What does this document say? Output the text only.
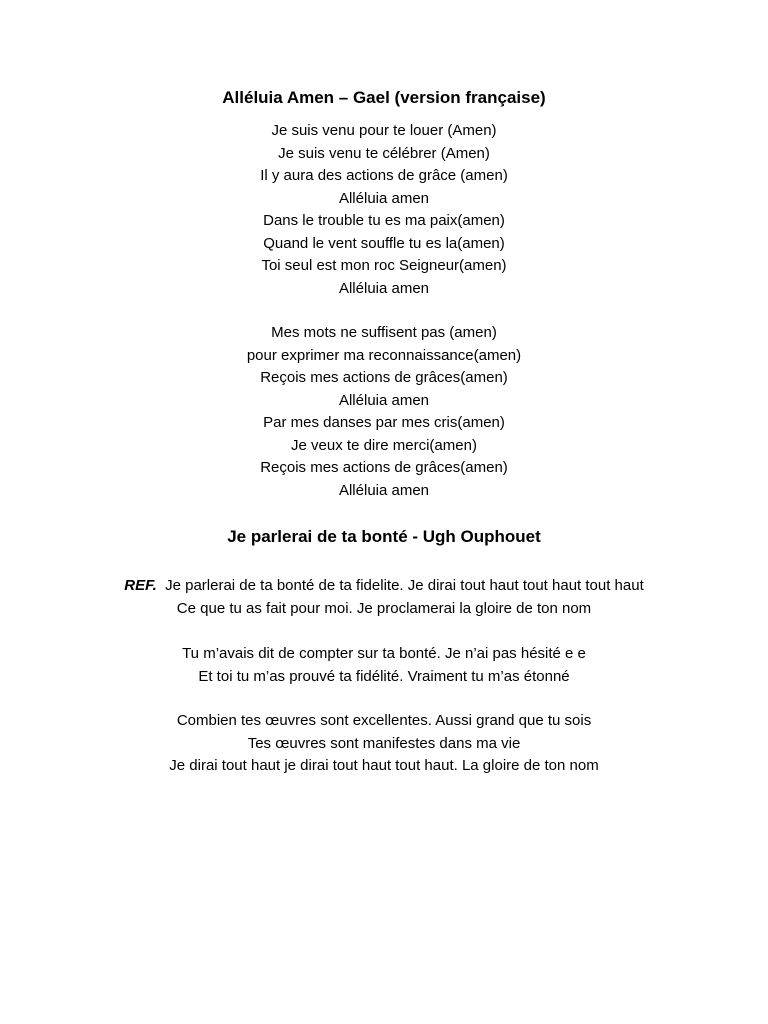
Alléluia Amen – Gael (version française)
Je suis venu pour te louer (Amen)
Je suis venu te célébrer (Amen)
Il y aura des actions de grâce (amen)
Alléluia amen
Dans le trouble tu es ma paix(amen)
Quand le vent souffle tu es la(amen)
Toi seul est mon roc Seigneur(amen)
Alléluia amen
Mes mots ne suffisent pas (amen)
pour exprimer ma reconnaissance(amen)
Reçois mes actions de grâces(amen)
Alléluia amen
Par mes danses par mes cris(amen)
Je veux te dire merci(amen)
Reçois mes actions de grâces(amen)
Alléluia amen
Je parlerai de ta bonté - Ugh Ouphouet
REF. Je parlerai de ta bonté de ta fidelite. Je dirai tout haut tout haut tout haut
Ce que tu as fait pour moi. Je proclamerai la gloire de ton nom
Tu m’avais dit de compter sur ta bonté. Je n’ai pas hésité e e
Et toi tu m’as prouvé ta fidélité. Vraiment tu m’as étonné
Combien tes œuvres sont excellentes. Aussi grand que tu sois
Tes œuvres sont manifestes dans ma vie
Je dirai tout haut je dirai tout haut tout haut. La gloire de ton nom
